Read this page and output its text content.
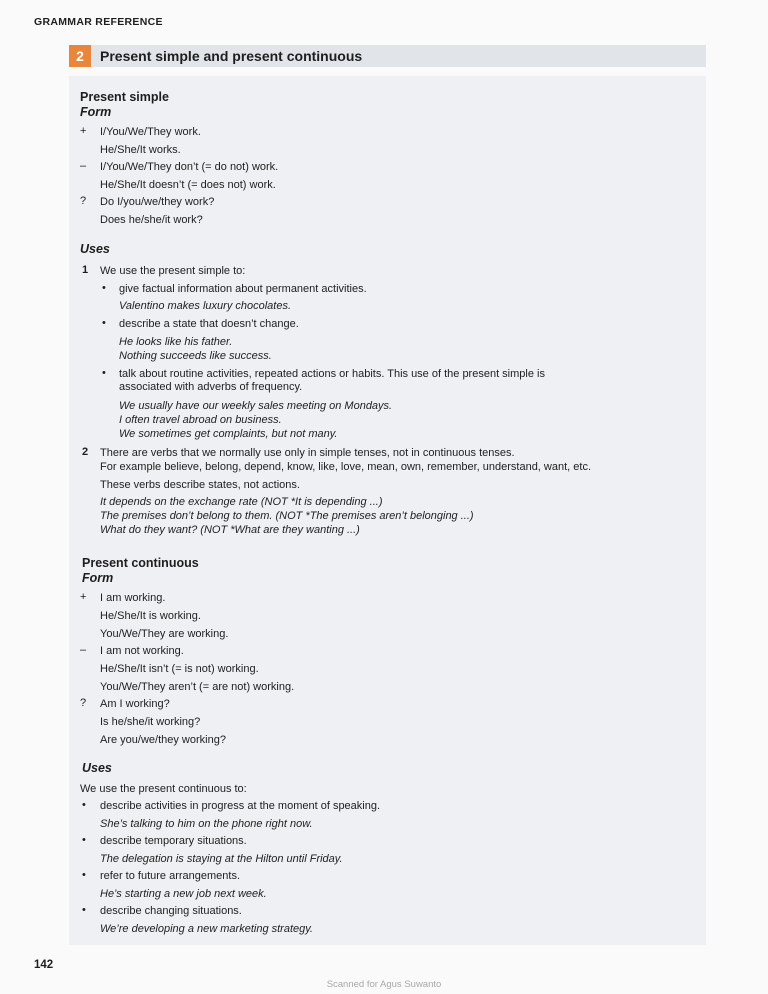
GRAMMAR REFERENCE
2	Present simple and present continuous
Present simple
Form
+ I/You/We/They work.
He/She/It works.
– I/You/We/They don’t (= do not) work.
He/She/It doesn’t (= does not) work.
? Do I/you/we/they work?
Does he/she/it work?
Uses
1 We use the present simple to:
• give factual information about permanent activities.
Valentino makes luxury chocolates.
• describe a state that doesn’t change.
He looks like his father.
Nothing succeeds like success.
• talk about routine activities, repeated actions or habits. This use of the present simple is
associated with adverbs of frequency.
We usually have our weekly sales meeting on Mondays.
I often travel abroad on business.
We sometimes get complaints, but not many.
2 There are verbs that we normally use only in simple tenses, not in continuous tenses.
For example believe, belong, depend, know, like, love, mean, own, remember, understand, want, etc.
These verbs describe states, not actions.
It depends on the exchange rate (NOT *It is depending ...)
The premises don’t belong to them. (NOT *The premises aren’t belonging ...)
What do they want? (NOT *What are they wanting ...)
Present continuous
Form
+ I am working.
He/She/It is working.
You/We/They are working.
– I am not working.
He/She/It isn’t (= is not) working.
You/We/They aren’t (= are not) working.
? Am I working?
Is he/she/it working?
Are you/we/they working?
Uses
We use the present continuous to:
• describe activities in progress at the moment of speaking.
She’s talking to him on the phone right now.
• describe temporary situations.
The delegation is staying at the Hilton until Friday.
• refer to future arrangements.
He’s starting a new job next week.
• describe changing situations.
We’re developing a new marketing strategy.
142
Scanned for Agus Suwanto
